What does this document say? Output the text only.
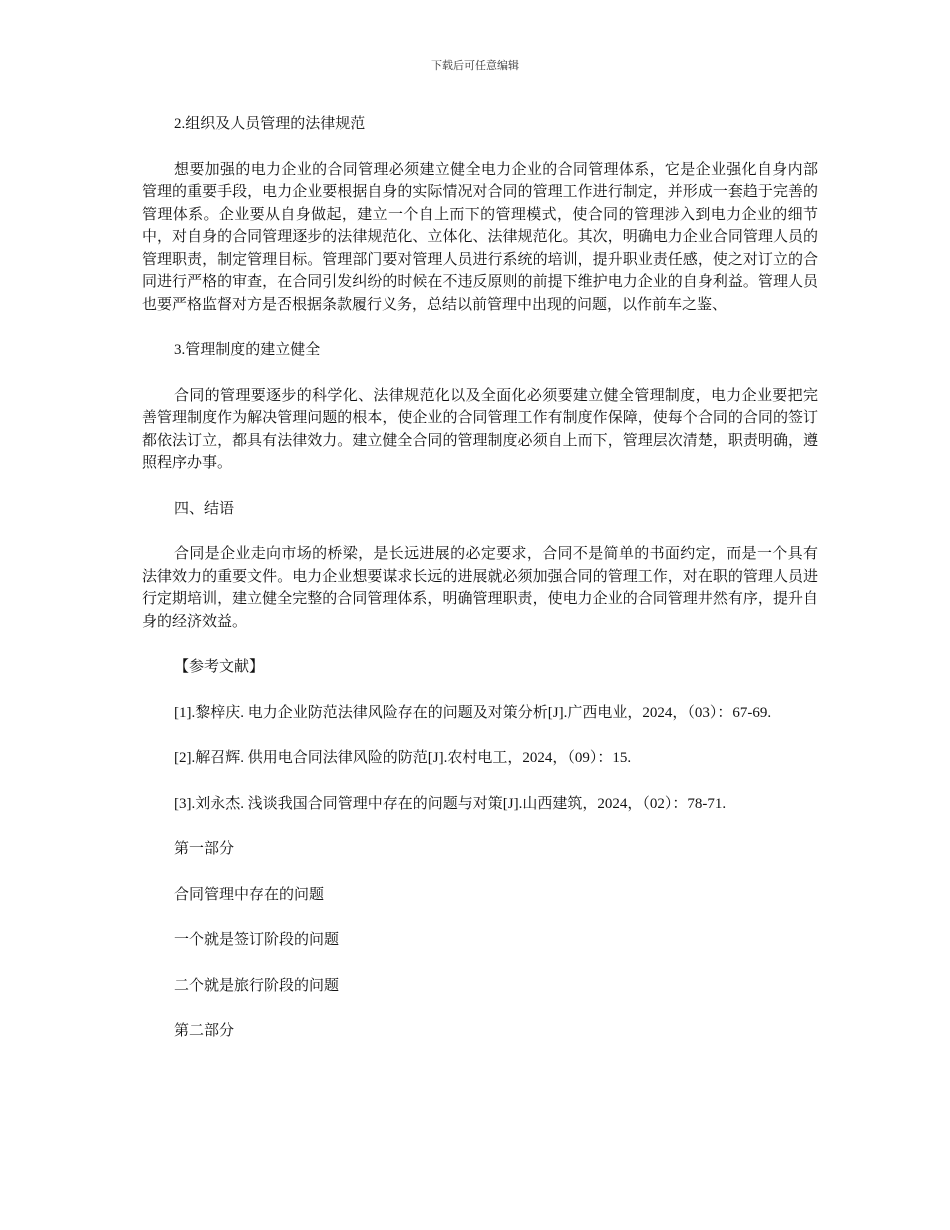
下载后可任意编辑

2.组织及人员管理的法律规范

想要加强的电力企业的合同管理必须建立健全电力企业的合同管理体系，它是企业强化自身内部管理的重要手段，电力企业要根据自身的实际情况对合同的管理工作进行制定，并形成一套趋于完善的管理体系。企业要从自身做起，建立一个自上而下的管理模式，使合同的管理涉入到电力企业的细节中，对自身的合同管理逐步的法律规范化、立体化、法律规范化。其次，明确电力企业合同管理人员的管理职责，制定管理目标。管理部门要对管理人员进行系统的培训，提升职业责任感，使之对订立的合同进行严格的审查，在合同引发纠纷的时候在不违反原则的前提下维护电力企业的自身利益。管理人员也要严格监督对方是否根据条款履行义务，总结以前管理中出现的问题，以作前车之鉴、

3.管理制度的建立健全

合同的管理要逐步的科学化、法律规范化以及全面化必须要建立健全管理制度，电力企业要把完善管理制度作为解决管理问题的根本，使企业的合同管理工作有制度作保障，使每个合同的合同的签订都依法订立，都具有法律效力。建立健全合同的管理制度必须自上而下，管理层次清楚，职责明确，遵照程序办事。

四、结语

合同是企业走向市场的桥梁，是长远进展的必定要求，合同不是简单的书面约定，而是一个具有法律效力的重要文件。电力企业想要谋求长远的进展就必须加强合同的管理工作，对在职的管理人员进行定期培训，建立健全完整的合同管理体系，明确管理职责，使电力企业的合同管理井然有序，提升自身的经济效益。

【参考文献】

[1].黎梓庆. 电力企业防范法律风险存在的问题及对策分析[J].广西电业，2024，（03）：67-69.

[2].解召辉. 供用电合同法律风险的防范[J].农村电工，2024，（09）：15.

[3].刘永杰. 浅谈我国合同管理中存在的问题与对策[J].山西建筑，2024，（02）：78-71.

第一部分

合同管理中存在的问题

一个就是签订阶段的问题

二个就是旅行阶段的问题

第二部分
